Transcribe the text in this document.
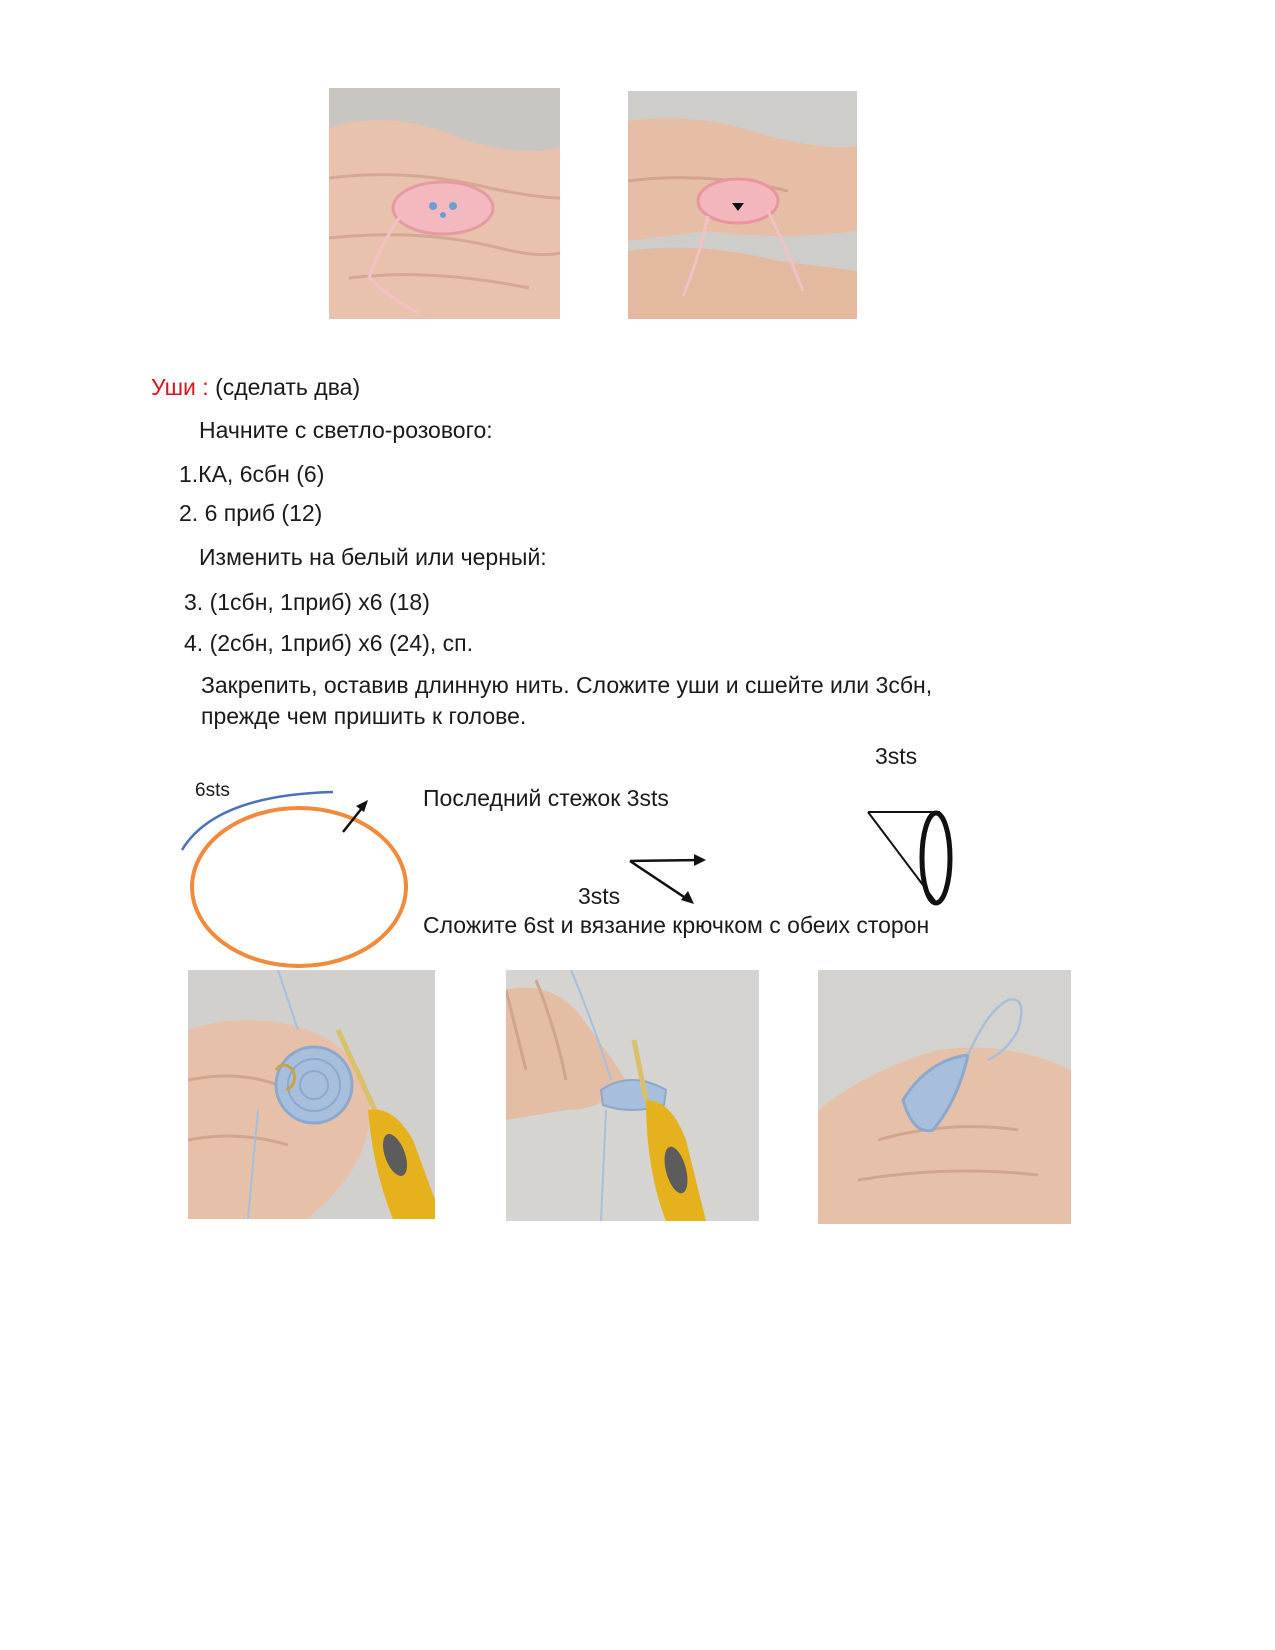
Уши : (сделать два)
Начните с светло-розового:
1.КА, 6сбн (6)
2. 6 приб (12)
Изменить на белый или черный:
3. (1сбн, 1приб) х6 (18)
4. (2сбн, 1приб) х6 (24), сп.
Закрепить, оставив длинную нить. Сложите уши и сшейте или 3сбн,
прежде чем пришить к голове.
6sts	Последний стежок 3sts
3sts
Сложите 6st и вязание крючком с обеих сторон
3sts
